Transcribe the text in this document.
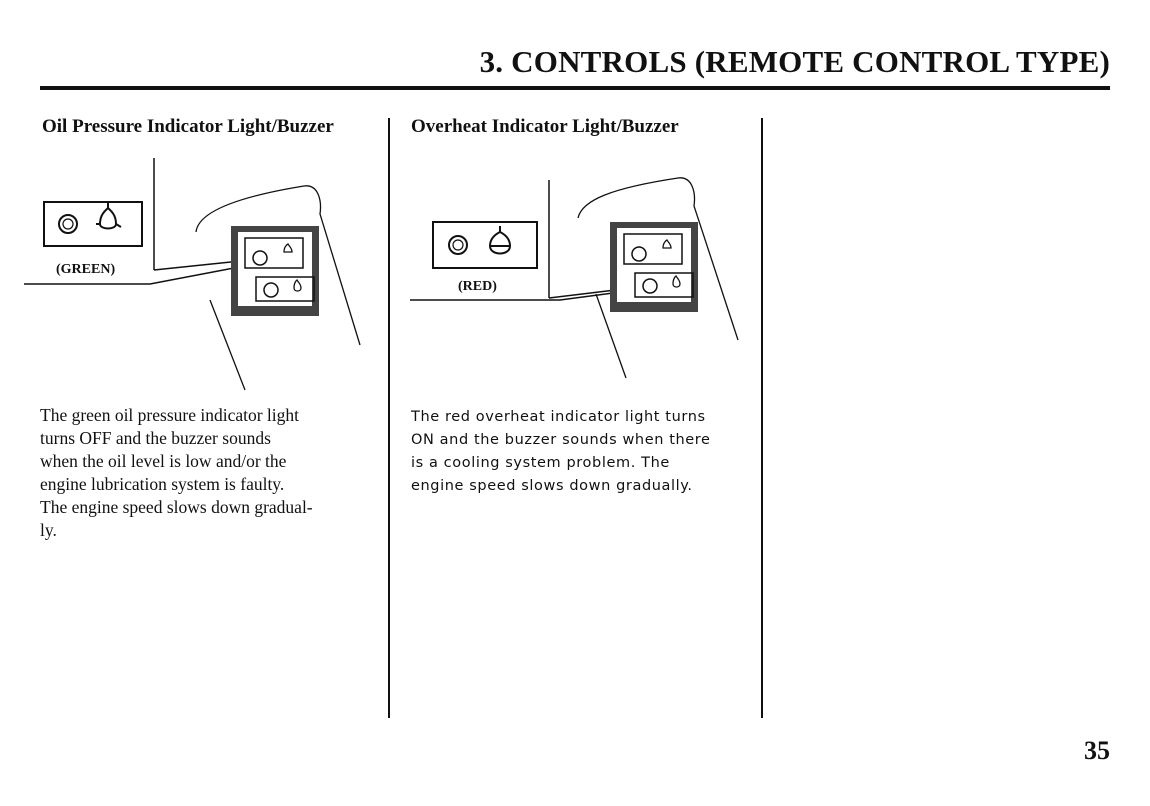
3. CONTROLS (REMOTE CONTROL TYPE)
Oil Pressure Indicator Light/Buzzer
(GREEN)

The green oil pressure indicator light
turns OFF and the buzzer sounds
when the oil level is low and/or the
engine lubrication system is faulty.
The engine speed slows down gradual-
ly.

Overheat Indicator Light/Buzzer
(RED)

The red overheat indicator light turns
ON and the buzzer sounds when there
is a cooling system problem. The
engine speed slows down gradually.

35
